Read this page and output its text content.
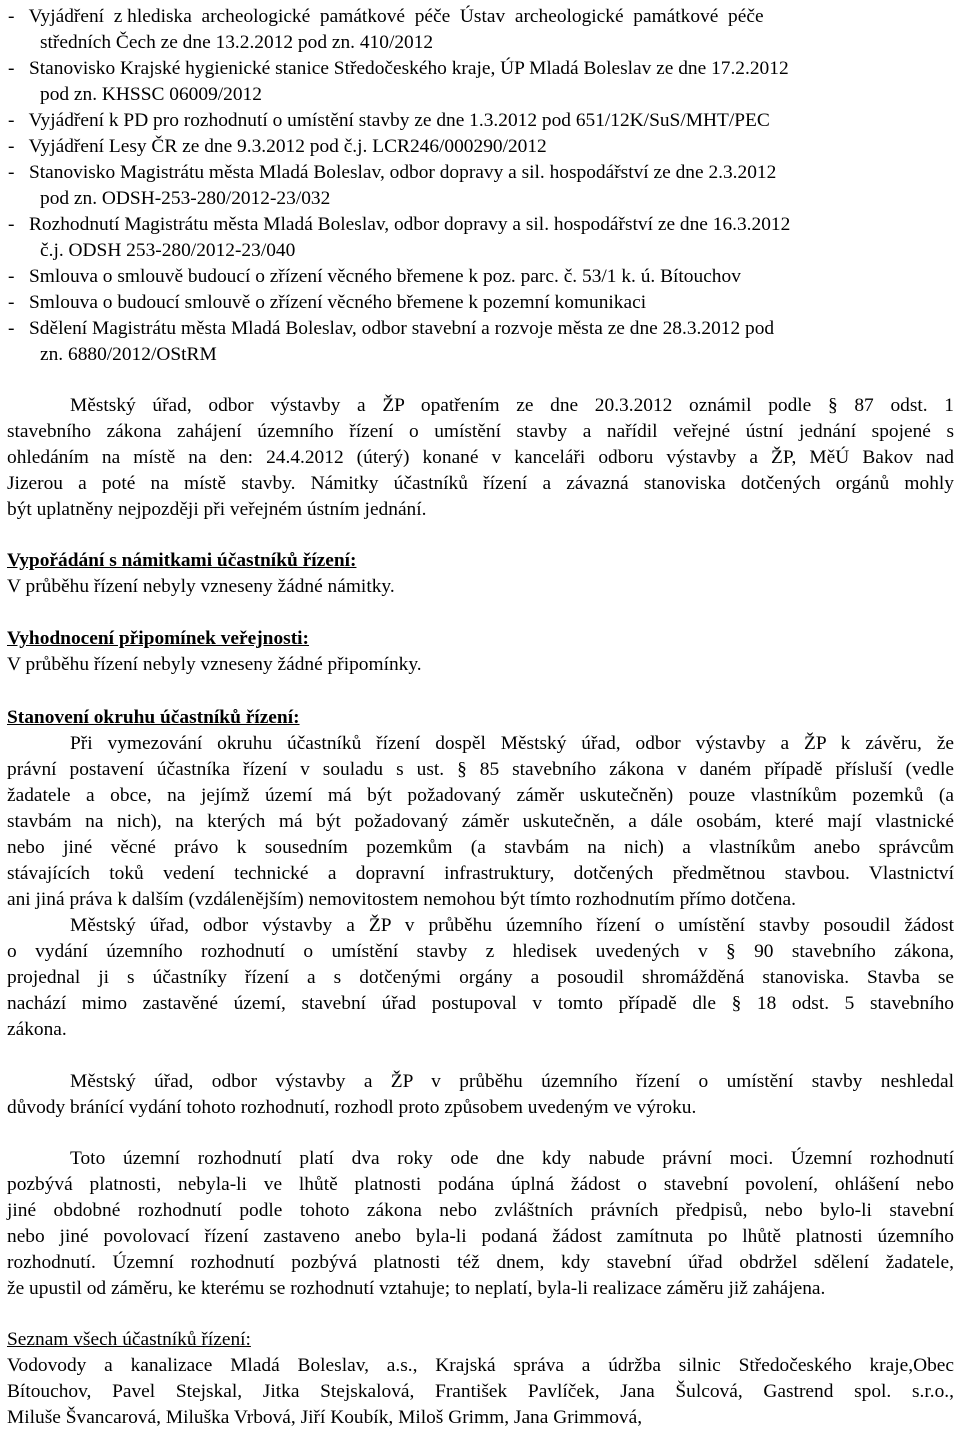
-   Vyjádření  z hlediska  archeologické  památkové  péče  Ústav  archeologické  památkové  péče
středních Čech ze dne 13.2.2012 pod zn. 410/2012
-   Stanovisko Krajské hygienické stanice Středočeského kraje, ÚP Mladá Boleslav ze dne 17.2.2012
pod zn. KHSSC 06009/2012
-   Vyjádření k PD pro rozhodnutí o umístění stavby ze dne 1.3.2012 pod 651/12K/SuS/MHT/PEC
-   Vyjádření Lesy ČR ze dne 9.3.2012 pod č.j. LCR246/000290/2012
-   Stanovisko Magistrátu města Mladá Boleslav, odbor dopravy a sil. hospodářství ze dne 2.3.2012
pod zn. ODSH-253-280/2012-23/032
-   Rozhodnutí Magistrátu města Mladá Boleslav, odbor dopravy a sil. hospodářství ze dne 16.3.2012
č.j. ODSH 253-280/2012-23/040
-   Smlouva o smlouvě budoucí o zřízení věcného břemene k poz. parc. č. 53/1 k. ú. Bítouchov
-   Smlouva o budoucí smlouvě o zřízení věcného břemene k pozemní komunikaci
-   Sdělení Magistrátu města Mladá Boleslav, odbor stavební a rozvoje města ze dne 28.3.2012 pod
zn. 6880/2012/OStRM
Městský úřad, odbor výstavby a ŽP opatřením ze dne 20.3.2012 oznámil podle § 87 odst. 1
stavebního zákona zahájení územního řízení o umístění stavby a nařídil veřejné ústní jednání spojené s
ohledáním na místě na den: 24.4.2012 (úterý) konané v kanceláři odboru výstavby a ŽP, MěÚ Bakov nad
Jizerou a poté na místě stavby. Námitky účastníků řízení a závazná stanoviska dotčených orgánů mohly
být uplatněny nejpozději při veřejném ústním jednání.
Vypořádání s námitkami účastníků řízení:
V průběhu řízení nebyly vzneseny žádné námitky.
Vyhodnocení připomínek veřejnosti:
V průběhu řízení nebyly vzneseny žádné připomínky.
Stanovení okruhu účastníků řízení:
Při vymezování okruhu účastníků řízení dospěl Městský úřad, odbor výstavby a ŽP k závěru, že
právní postavení účastníka řízení v souladu s ust. § 85 stavebního zákona v daném případě přísluší (vedle
žadatele a obce, na jejímž území má být požadovaný záměr uskutečněn) pouze vlastníkům pozemků (a
stavbám na nich), na kterých má být požadovaný záměr uskutečněn, a dále osobám, které mají vlastnické
nebo jiné věcné právo k sousedním pozemkům (a stavbám na nich) a vlastníkům anebo správcům
stávajících toků vedení technické a dopravní infrastruktury, dotčených předmětnou stavbou. Vlastnictví
ani jiná práva k dalším (vzdálenějším) nemovitostem nemohou být tímto rozhodnutím přímo dotčena.
Městský úřad, odbor výstavby a ŽP v průběhu územního řízení o umístění stavby posoudil žádost
o vydání územního rozhodnutí o umístění stavby z hledisek uvedených v § 90 stavebního zákona,
projednal ji s účastníky řízení a s dotčenými orgány a posoudil shromážděná stanoviska. Stavba se
nachází mimo zastavěné území, stavební úřad postupoval v tomto případě dle § 18 odst. 5 stavebního
zákona.
Městský úřad, odbor výstavby a ŽP v průběhu územního řízení o umístění stavby neshledal
důvody bránící vydání tohoto rozhodnutí, rozhodl proto způsobem uvedeným ve výroku.
Toto územní rozhodnutí platí dva roky ode dne kdy nabude právní moci. Územní rozhodnutí
pozbývá platnosti, nebyla-li ve lhůtě platnosti podána úplná žádost o stavební povolení, ohlášení nebo
jiné obdobné rozhodnutí podle tohoto zákona nebo zvláštních právních předpisů, nebo bylo-li stavební
nebo jiné povolovací řízení zastaveno anebo byla-li podaná žádost zamítnuta po lhůtě platnosti územního
rozhodnutí. Územní rozhodnutí pozbývá platnosti též dnem, kdy stavební úřad obdržel sdělení žadatele,
že upustil od záměru, ke kterému se rozhodnutí vztahuje; to neplatí, byla-li realizace záměru již zahájena.
Seznam všech účastníků řízení:
Vodovody a kanalizace Mladá Boleslav, a.s., Krajská správa a údržba silnic Středočeského kraje,Obec
Bítouchov, Pavel Stejskal, Jitka Stejskalová, František Pavlíček, Jana Šulcová, Gastrend spol. s.r.o.,
Miluše Švancarová, Miluška Vrbová, Jiří Koubík, Miloš Grimm, Jana Grimmová,
